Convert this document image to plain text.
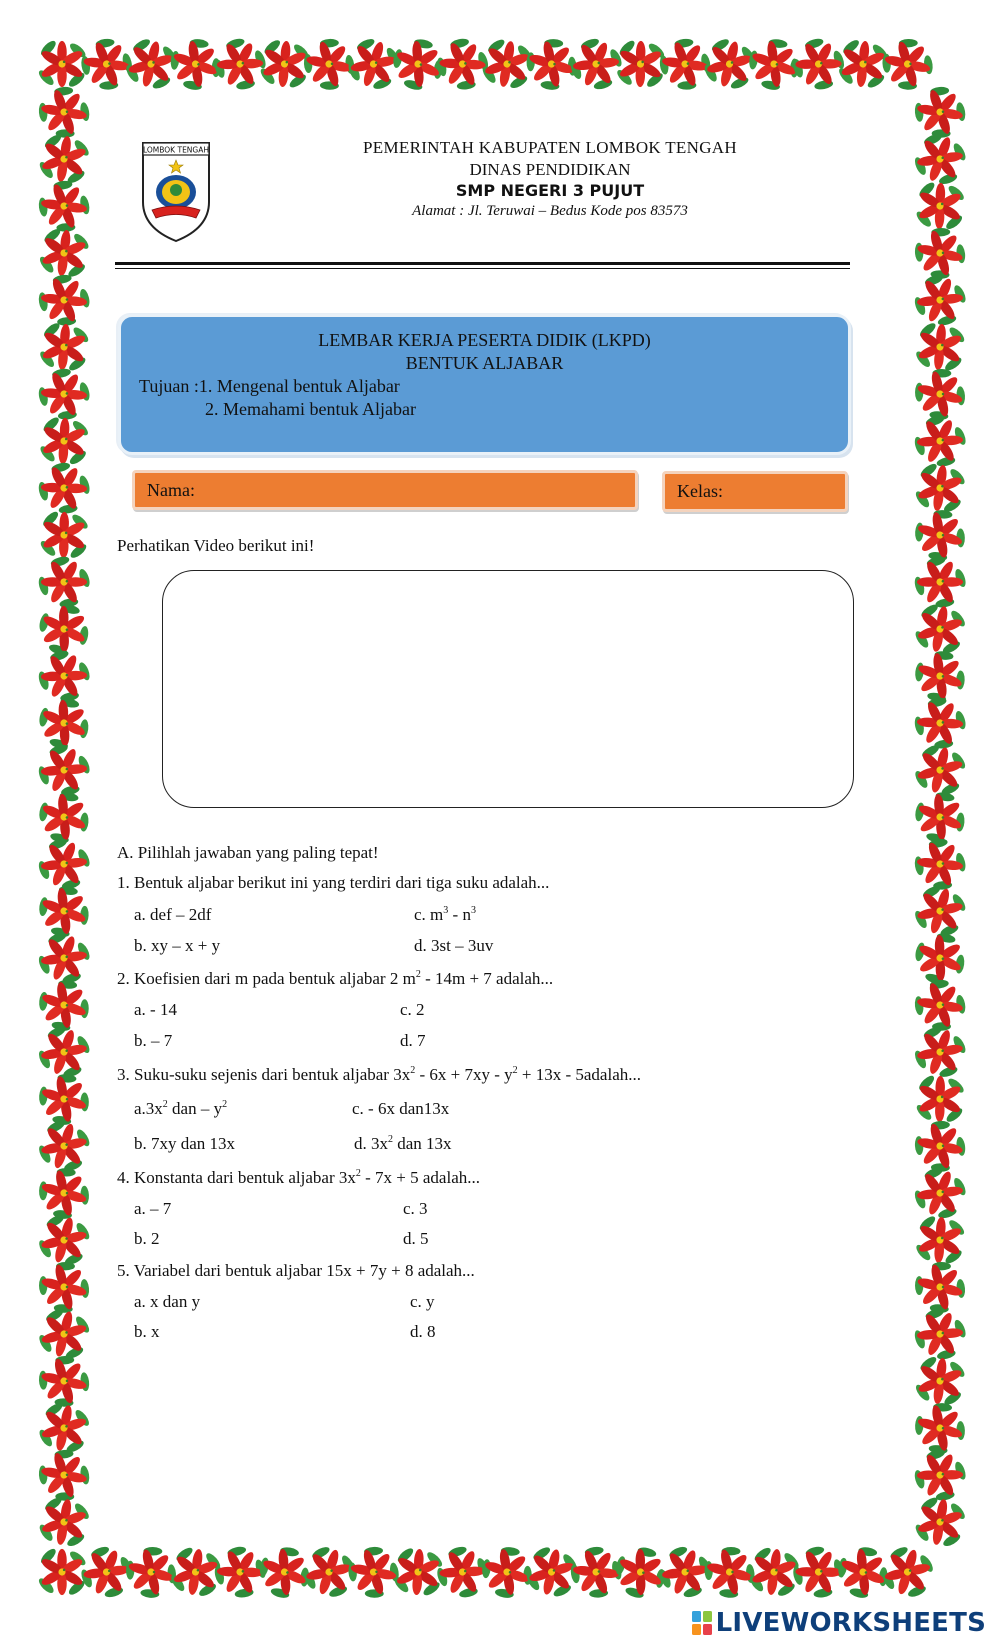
LOMBOK TENGAH	PEMERINTAH KABUPATEN LOMBOK TENGAH
DINAS PENDIDIKAN
SMP NEGERI 3 PUJUT
Alamat : Jl. Teruwai – Bedus Kode pos 83573
LEMBAR KERJA PESERTA DIDIK (LKPD)
BENTUK ALJABAR
Tujuan :1. Mengenal bentuk Aljabar
2. Memahami bentuk Aljabar
Nama:	Kelas:
Perhatikan Video berikut ini!
A. Pilihlah jawaban yang paling tepat!
1. Bentuk aljabar berikut ini yang terdiri dari tiga suku adalah...
a. def – 2df	c. $m^3 - n^3$
b. xy – x + y	d. 3st – 3uv
2. Koefisien dari m pada bentuk aljabar 2 $m^2 - 14m + 7$ adalah...
a. - 14	c. 2
b. – 7	d. 7
3. Suku-suku sejenis dari bentuk aljabar $3x^2 - 6x + 7xy - y^2 + 13x$ - 5adalah...
$a.3x^2$ dan – $y^2$	c. - 6x dan13x
b. 7xy dan 13x	d. $3x^2$ dan 13x
4. Konstanta dari bentuk aljabar $3x^2 - 7x + 5$ adalah...
a. – 7	c. 3
b. 2	d. 5
5. Variabel dari bentuk aljabar 15x + 7y + 8 adalah...
a. x dan y	c. y
b. x	d. 8
LIVEWORKSHEETS
